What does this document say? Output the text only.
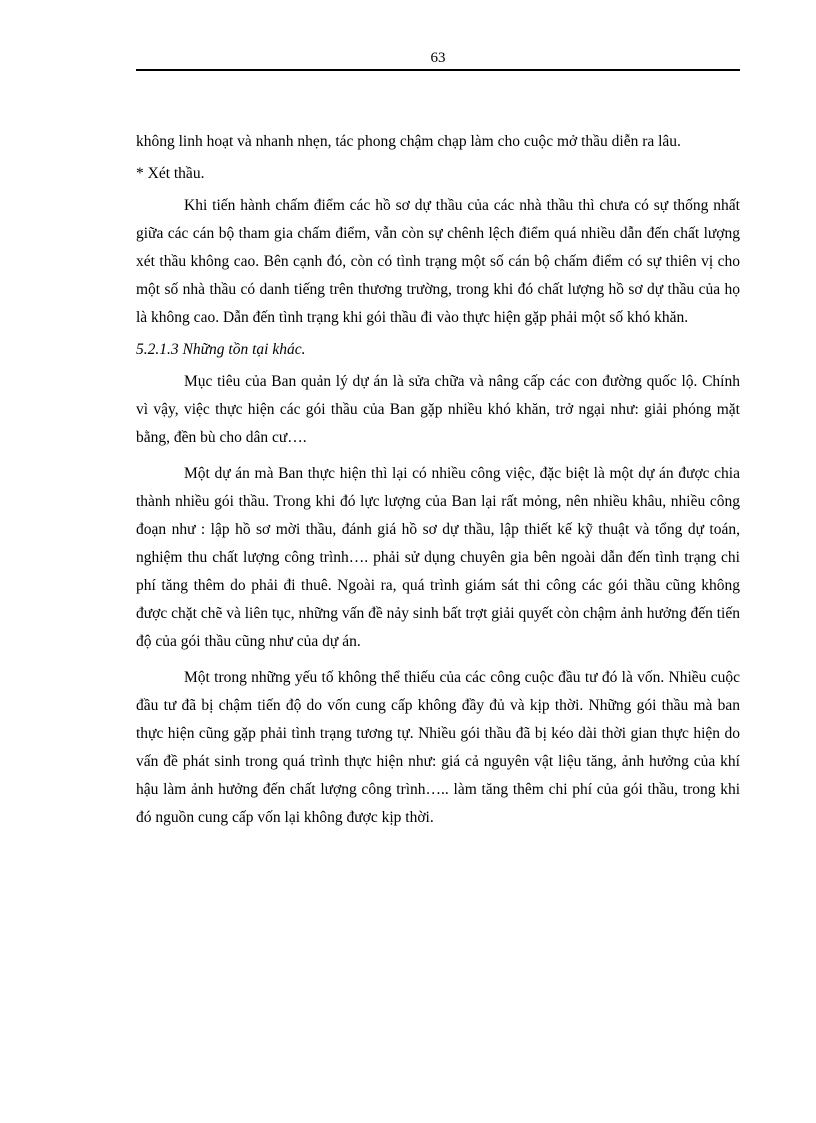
63

không linh hoạt và nhanh nhẹn, tác phong chậm chạp làm cho cuộc mở thầu diễn ra lâu.

* Xét thầu.

Khi tiến hành chấm điểm các hồ sơ dự thầu của các nhà thầu thì chưa có sự thống nhất giữa các cán bộ tham gia chấm điểm, vẫn còn sự chênh lệch điểm quá nhiều dẫn đến chất lượng xét thầu không cao. Bên cạnh đó, còn có tình trạng một số cán bộ chấm điểm có sự thiên vị cho một số nhà thầu có danh tiếng trên thương trường, trong khi đó chất lượng hồ sơ dự thầu của họ là không cao. Dẫn đến tình trạng khi gói thầu đi vào thực hiện gặp phải một số khó khăn.

5.2.1.3 Những tồn tại khác.

Mục tiêu của Ban quản lý dự án là sửa chữa và nâng cấp các con đường quốc lộ. Chính vì vậy, việc thực hiện các gói thầu của Ban gặp nhiều khó khăn, trở ngại như: giải phóng mặt bằng, đền bù cho dân cư….

Một dự án mà Ban thực hiện thì lại có nhiều công việc, đặc biệt là một dự án được chia thành nhiều gói thầu. Trong khi đó lực lượng của Ban lại rất mỏng, nên nhiều khâu, nhiều công đoạn như : lập hồ sơ mời thầu, đánh giá hồ sơ dự thầu, lập thiết kế kỹ thuật và tổng dự toán, nghiệm thu chất lượng công trình…. phải sử dụng chuyên gia bên ngoài dẫn đến tình trạng chi phí tăng thêm do phải đi thuê. Ngoài ra, quá trình giám sát thi công các gói thầu cũng không được chặt chẽ và liên tục, những vấn đề nảy sinh bất trợt giải quyết còn chậm ảnh hưởng đến tiến độ của gói thầu cũng như của dự án.

Một trong những yếu tố không thể thiếu của các công cuộc đầu tư đó là vốn. Nhiều cuộc đầu tư đã bị chậm tiến độ do vốn cung cấp không đầy đủ và kịp thời. Những gói thầu mà ban thực hiện cũng gặp phải tình trạng tương tự. Nhiều gói thầu đã bị kéo dài thời gian thực hiện do vấn đề phát sinh trong quá trình thực hiện như: giá cả nguyên vật liệu tăng, ảnh hưởng của khí hậu làm ảnh hưởng đến chất lượng công trình….. làm tăng thêm chi phí của gói thầu, trong khi đó nguồn cung cấp vốn lại không được kịp thời.
